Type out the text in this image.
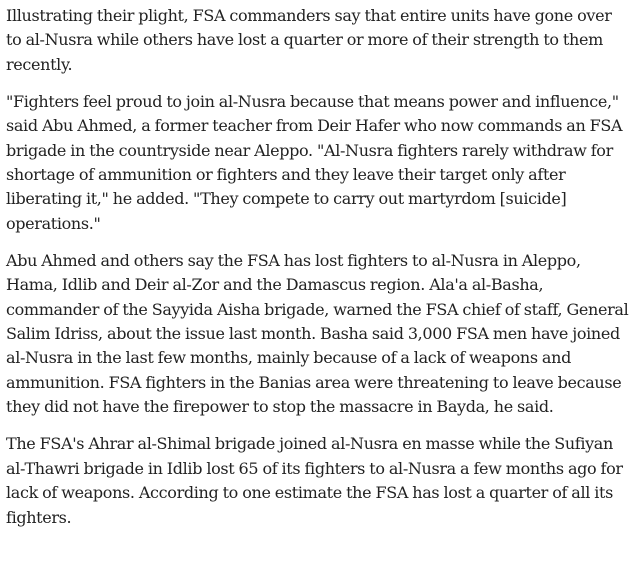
Illustrating their plight, FSA commanders say that entire units have gone over to al-Nusra while others have lost a quarter or more of their strength to them recently.

"Fighters feel proud to join al-Nusra because that means power and influence," said Abu Ahmed, a former teacher from Deir Hafer who now commands an FSA brigade in the countryside near Aleppo. "Al-Nusra fighters rarely withdraw for shortage of ammunition or fighters and they leave their target only after liberating it," he added. "They compete to carry out martyrdom [suicide] operations."

Abu Ahmed and others say the FSA has lost fighters to al-Nusra in Aleppo, Hama, Idlib and Deir al-Zor and the Damascus region. Ala'a al-Basha, commander of the Sayyida Aisha brigade, warned the FSA chief of staff, General Salim Idriss, about the issue last month. Basha said 3,000 FSA men have joined al-Nusra in the last few months, mainly because of a lack of weapons and ammunition. FSA fighters in the Banias area were threatening to leave because they did not have the firepower to stop the massacre in Bayda, he said.

The FSA's Ahrar al-Shimal brigade joined al-Nusra en masse while the Sufiyan al-Thawri brigade in Idlib lost 65 of its fighters to al-Nusra a few months ago for lack of weapons. According to one estimate the FSA has lost a quarter of all its fighters.
